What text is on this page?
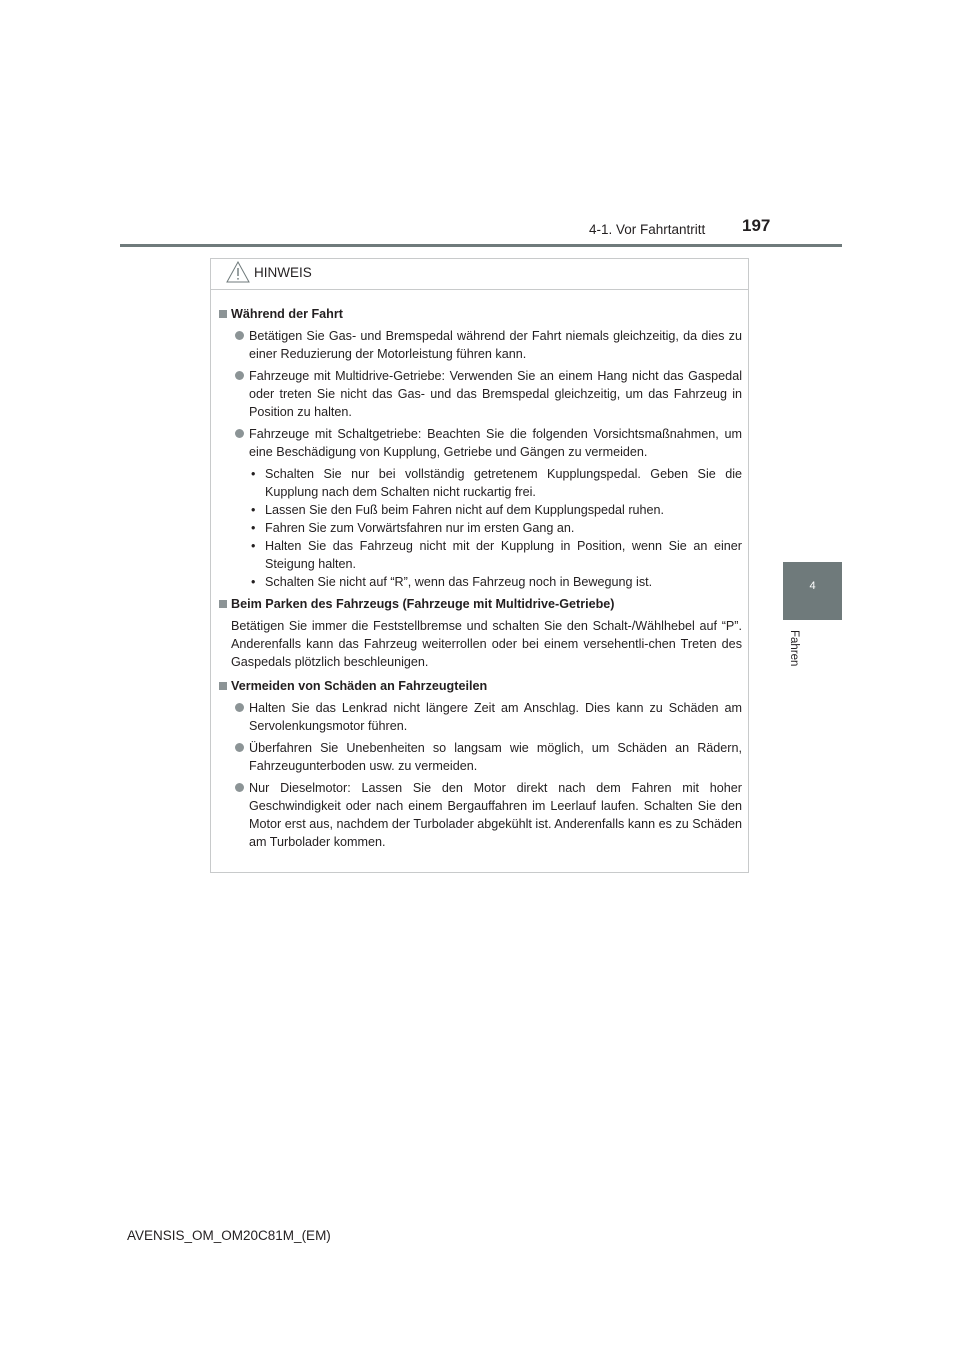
4-1. Vor Fahrtantritt 197
4
Fahren
HINWEIS
Während der Fahrt
Betätigen Sie Gas- und Bremspedal während der Fahrt niemals gleichzeitig, da dies zu einer Reduzierung der Motorleistung führen kann.
Fahrzeuge mit Multidrive-Getriebe: Verwenden Sie an einem Hang nicht das Gaspedal oder treten Sie nicht das Gas- und das Bremspedal gleichzeitig, um das Fahrzeug in Position zu halten.
Fahrzeuge mit Schaltgetriebe: Beachten Sie die folgenden Vorsichtsmaßnahmen, um eine Beschädigung von Kupplung, Getriebe und Gängen zu vermeiden.
• Schalten Sie nur bei vollständig getretenem Kupplungspedal. Geben Sie die Kupplung nach dem Schalten nicht ruckartig frei.
• Lassen Sie den Fuß beim Fahren nicht auf dem Kupplungspedal ruhen.
• Fahren Sie zum Vorwärtsfahren nur im ersten Gang an.
• Halten Sie das Fahrzeug nicht mit der Kupplung in Position, wenn Sie an einer Steigung halten.
• Schalten Sie nicht auf “R”, wenn das Fahrzeug noch in Bewegung ist.
Beim Parken des Fahrzeugs (Fahrzeuge mit Multidrive-Getriebe)
Betätigen Sie immer die Feststellbremse und schalten Sie den Schalt-/Wählhebel auf “P”. Anderenfalls kann das Fahrzeug weiterrollen oder bei einem versehentli-chen Treten des Gaspedals plötzlich beschleunigen.
Vermeiden von Schäden an Fahrzeugteilen
Halten Sie das Lenkrad nicht längere Zeit am Anschlag. Dies kann zu Schäden am Servolenkungsmotor führen.
Überfahren Sie Unebenheiten so langsam wie möglich, um Schäden an Rädern, Fahrzeugunterboden usw. zu vermeiden.
Nur Dieselmotor: Lassen Sie den Motor direkt nach dem Fahren mit hoher Geschwindigkeit oder nach einem Bergauffahren im Leerlauf laufen. Schalten Sie den Motor erst aus, nachdem der Turbolader abgekühlt ist. Anderenfalls kann es zu Schäden am Turbolader kommen.
AVENSIS_OM_OM20C81M_(EM)
